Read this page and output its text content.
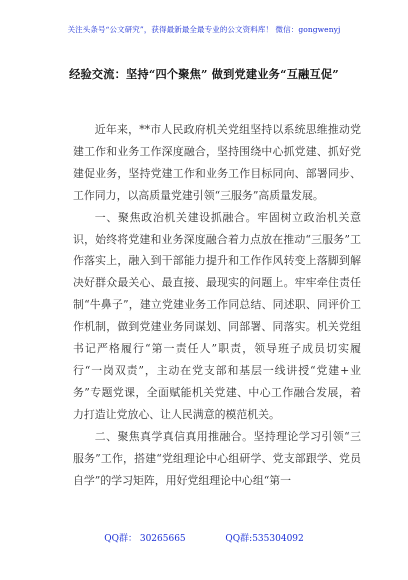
关注头条号“公文研究”，获得最新最全最专业的公文资料库！ 微信：gongwenyj
经验交流：坚持“四个聚焦” 做到党建业务“互融互促”

近年来，**市人民政府机关党组坚持以系统思维推动党建工作和业务工作深度融合，坚持围绕中心抓党建、抓好党建促业务，坚持党建工作和业务工作目标同向、部署同步、工作同力，以高质量党建引领“三服务”高质量发展。

一、聚焦政治机关建设抓融合。牢固树立政治机关意识，始终将党建和业务深度融合着力点放在推动“三服务”工作落实上，融入到干部能力提升和工作作风转变上落脚到解决好群众最关心、最直接、最现实的问题上。牢牢牵住责任制“牛鼻子”，建立党建业务工作同总结、同述职、同评价工作机制，做到党建业务同谋划、同部署、同落实。机关党组书记严格履行“第一责任人”职责，领导班子成员切实履行“一岗双责”，主动在党支部和基层一线讲授“党建+业务”专题党课，全面赋能机关党建、中心工作融合发展，着力打造让党放心、让人民满意的模范机关。

二、聚焦真学真信真用推融合。坚持理论学习引领“三服务”工作，搭建“党组理论中心组研学、党支部跟学、党员自学”的学习矩阵，用好党组理论中心组“第一

QQ群： 30265665	QQ群:535304092
